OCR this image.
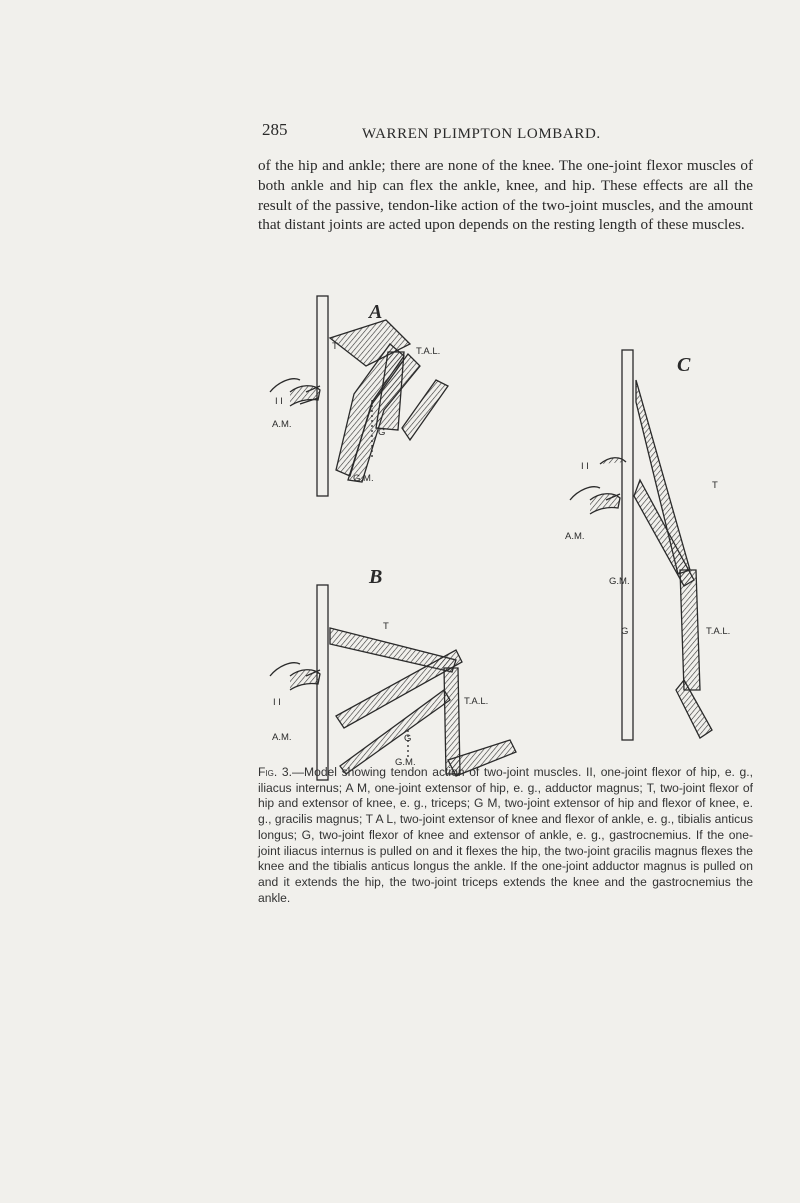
285	WARREN PLIMPTON LOMBARD.

of the hip and ankle; there are none of the knee. The one-joint flexor muscles of both ankle and hip can flex the ankle, knee, and hip. These effects are all the result of the passive, tendon-like action of the two-joint muscles, and the amount that distant joints are acted upon depends on the resting length of these muscles.

A
T	T.A.L.
I I
A.M.
G
G.M.
B
T
T.A.L.
I I
A.M.	G
G.M.
C
I I
A.M.
T
G.M.
G	T.A.L.

Fig. 3.—Model showing tendon action of two-joint muscles. II, one-joint flexor of hip, e. g., iliacus internus; A M, one-joint extensor of hip, e. g., adductor magnus; T, two-joint flexor of hip and extensor of knee, e. g., triceps; G M, two-joint extensor of hip and flexor of knee, e. g., gracilis magnus; T A L, two-joint extensor of knee and flexor of ankle, e. g., tibialis anticus longus; G, two-joint flexor of knee and extensor of ankle, e. g., gastrocnemius. If the one-joint iliacus internus is pulled on and it flexes the hip, the two-joint gracilis magnus flexes the knee and the tibialis anticus longus the ankle. If the one-joint adductor magnus is pulled on and it extends the hip, the two-joint triceps extends the knee and the gastrocnemius the ankle.
